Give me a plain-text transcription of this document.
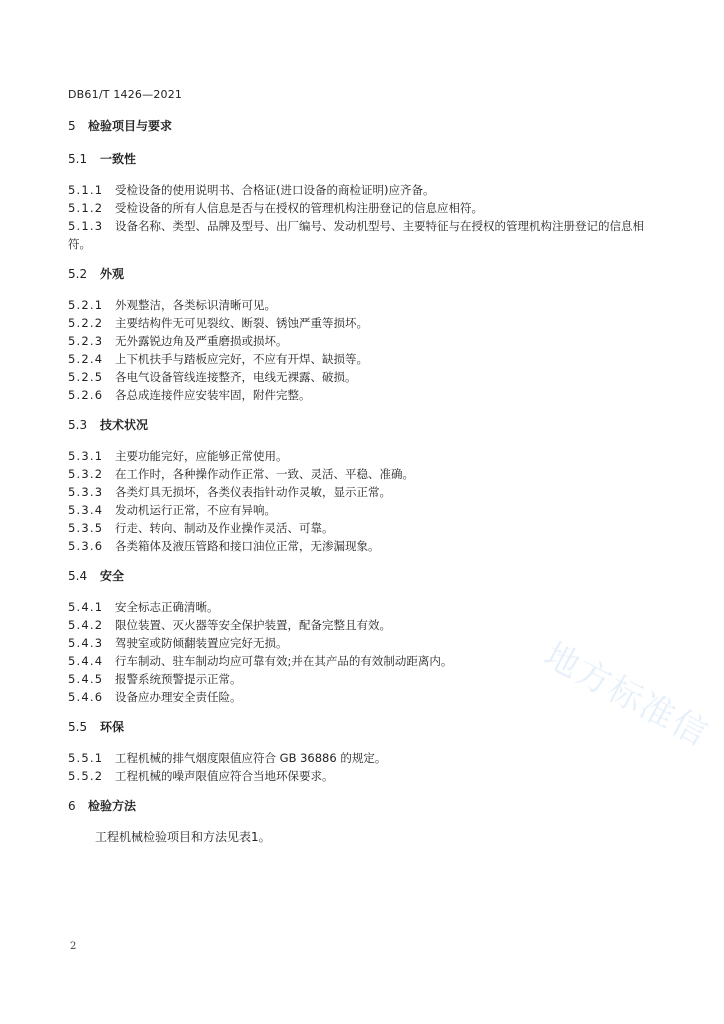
DB61/T 1426—2021
5 检验项目与要求
5.1 一致性
5.1.1 受检设备的使用说明书、合格证(进口设备的商检证明)应齐备。
5.1.2 受检设备的所有人信息是否与在授权的管理机构注册登记的信息应相符。
5.1.3 设备名称、类型、品牌及型号、出厂编号、发动机型号、主要特征与在授权的管理机构注册登记的信息相符。
5.2 外观
5.2.1 外观整洁，各类标识清晰可见。
5.2.2 主要结构件无可见裂纹、断裂、锈蚀严重等损坏。
5.2.3 无外露锐边角及严重磨损或损坏。
5.2.4 上下机扶手与踏板应完好，不应有开焊、缺损等。
5.2.5 各电气设备管线连接整齐，电线无裸露、破损。
5.2.6 各总成连接件应安装牢固，附件完整。
5.3 技术状况
5.3.1 主要功能完好，应能够正常使用。
5.3.2 在工作时，各种操作动作正常、一致、灵活、平稳、准确。
5.3.3 各类灯具无损坏，各类仪表指针动作灵敏，显示正常。
5.3.4 发动机运行正常，不应有异响。
5.3.5 行走、转向、制动及作业操作灵活、可靠。
5.3.6 各类箱体及液压管路和接口油位正常，无渗漏现象。
5.4 安全
5.4.1 安全标志正确清晰。
5.4.2 限位装置、灭火器等安全保护装置，配备完整且有效。
5.4.3 驾驶室或防倾翻装置应完好无损。
5.4.4 行车制动、驻车制动均应可靠有效;并在其产品的有效制动距离内。
5.4.5 报警系统预警提示正常。
5.4.6 设备应办理安全责任险。
5.5 环保
5.5.1 工程机械的排气烟度限值应符合 GB 36886 的规定。
5.5.2 工程机械的噪声限值应符合当地环保要求。
6 检验方法
工程机械检验项目和方法见表1。
地方标准信
2
